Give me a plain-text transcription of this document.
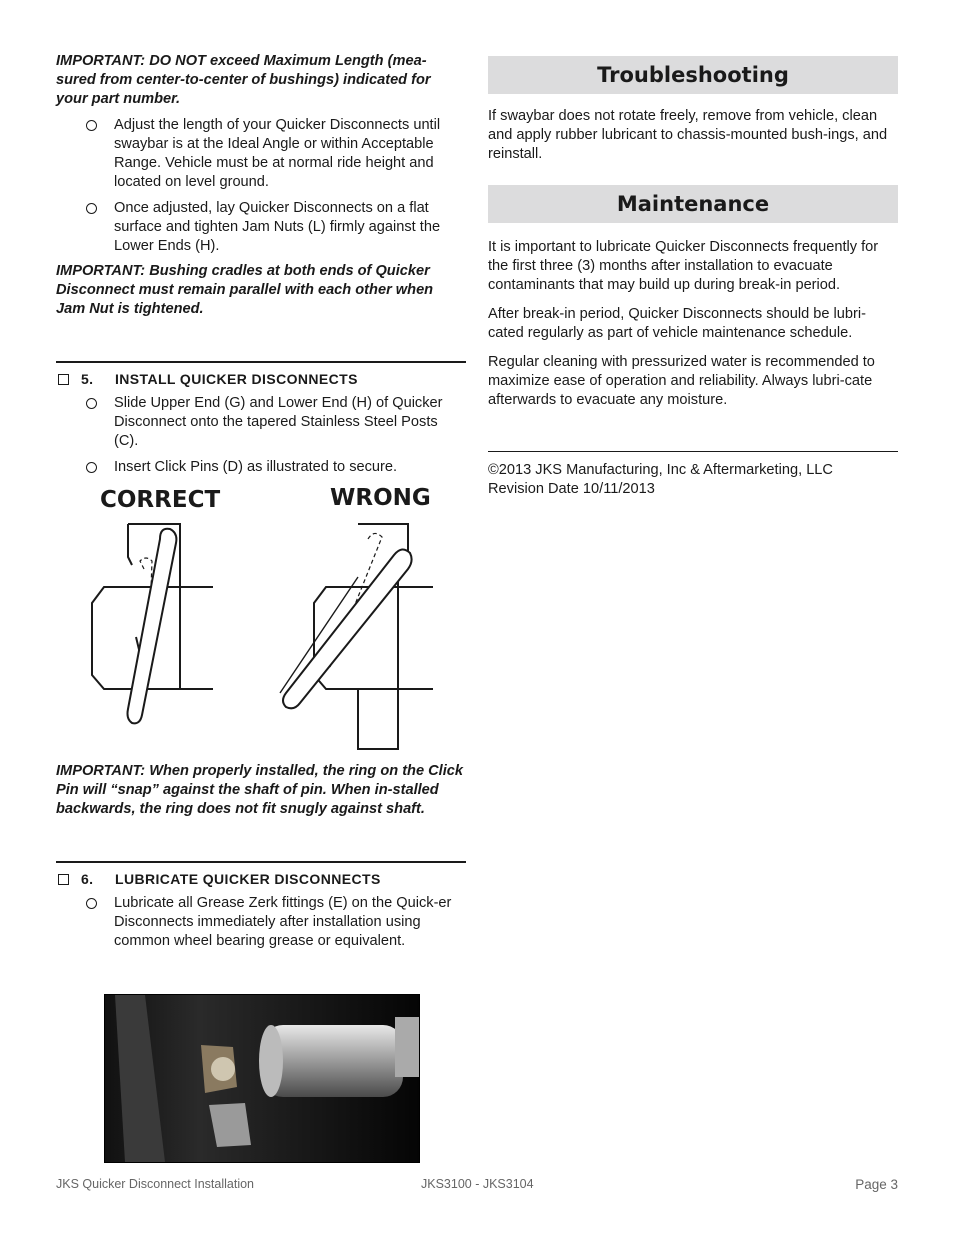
IMPORTANT: DO NOT exceed Maximum Length (mea-sured from center-to-center of bushings) indicated for your part number.

Adjust the length of your Quicker Disconnects until swaybar is at the Ideal Angle or within Acceptable Range. Vehicle must be at normal ride height and located on level ground.
Once adjusted, lay Quicker Disconnects on a flat surface and tighten Jam Nuts (L) firmly against the Lower Ends (H).

IMPORTANT: Bushing cradles at both ends of Quicker Disconnect must remain parallel with each other when Jam Nut is tightened.

5.	INSTALL QUICKER DISCONNECTS
Slide Upper End (G) and Lower End (H) of Quicker Disconnect onto the tapered Stainless Steel Posts (C).
Insert Click Pins (D) as illustrated to secure.
CORRECT	WRONG

IMPORTANT: When properly installed, the ring on the Click Pin will “snap” against the shaft of pin. When in-stalled backwards, the ring does not fit snugly against shaft.

6.	LUBRICATE QUICKER DISCONNECTS
Lubricate all Grease Zerk fittings (E) on the Quick-er Disconnects immediately after installation using common wheel bearing grease or equivalent.
Troubleshooting

If swaybar does not rotate freely, remove from vehicle, clean and apply rubber lubricant to chassis-mounted bush-ings, and reinstall.

Maintenance

It is important to lubricate Quicker Disconnects frequently for the first three (3) months after installation to evacuate contaminants that may build up during break-in period.

After break-in period, Quicker Disconnects should be lubri-cated regularly as part of vehicle maintenance schedule.

Regular cleaning with pressurized water is recommended to maximize ease of operation and reliability. Always lubri-cate afterwards to evacuate any moisture.

©2013 JKS Manufacturing, Inc & Aftermarketing, LLC

Revision Date 10/11/2013

JKS Quicker Disconnect Installation	JKS3100 - JKS3104	Page 3
